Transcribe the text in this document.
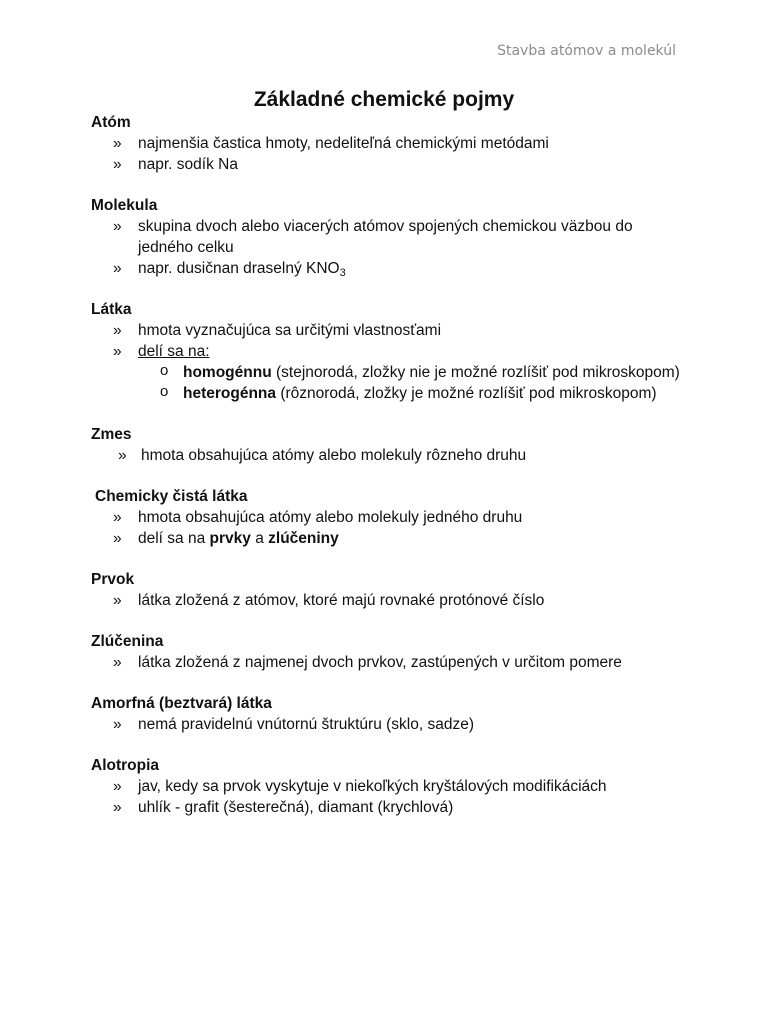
Stavba atómov a molekúl
Základné chemické pojmy
Atóm
» najmenšia častica hmoty, nedeliteľná chemickými metódami
» napr. sodík Na
Molekula
» skupina dvoch alebo viacerých atómov spojených chemickou väzbou do jedného celku
» napr. dusičnan draselný $KNO_3$
Látka
» hmota vyznačujúca sa určitými vlastnosťami
» delí sa na:
o homogénnu (stejnorodá, zložky nie je možné rozlíšiť pod mikroskopom)
o heterogénna (rôznorodá, zložky je možné rozlíšiť pod mikroskopom)
Zmes
» hmota obsahujúca atómy alebo molekuly rôzneho druhu
Chemicky čistá látka
» hmota obsahujúca atómy alebo molekuly jedného druhu
» delí sa na prvky a zlúčeniny
Prvok
» látka zložená z atómov, ktoré majú rovnaké protónové číslo
Zlúčenina
» látka zložená z najmenej dvoch prvkov, zastúpených v určitom pomere
Amorfná (beztvará) látka
» nemá pravidelnú vnútornú štruktúru (sklo, sadze)
Alotropia
» jav, kedy sa prvok vyskytuje v niekoľkých kryštálových modifikáciách
» uhlík - grafit (šesterečná), diamant (krychlová)
